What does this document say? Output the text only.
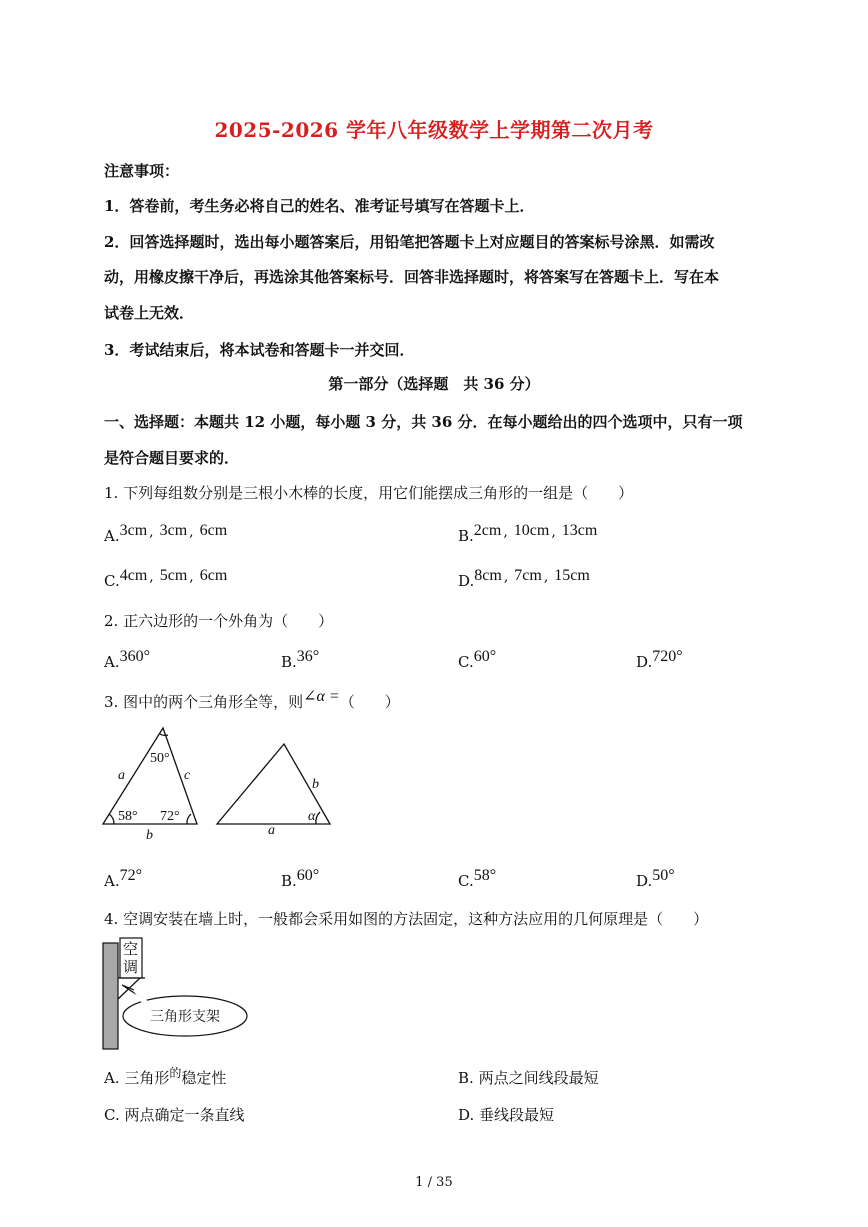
2025-2026 学年八年级数学上学期第二次月考
注意事项：
1．答卷前，考生务必将自己的姓名、准考证号填写在答题卡上．
2．回答选择题时，选出每小题答案后，用铅笔把答题卡上对应题目的答案标号涂黑．如需改
动，用橡皮擦干净后，再选涂其他答案标号．回答非选择题时，将答案写在答题卡上．写在本
试卷上无效．
3．考试结束后，将本试卷和答题卡一并交回．
第一部分（选择题　共 36 分）
一、选择题：本题共 12 小题，每小题 3 分，共 36 分．在每小题给出的四个选项中，只有一项
是符合题目要求的．
1. 下列每组数分别是三根小木棒的长度，用它们能摆成三角形的一组是（　　）
A.3cm , 3cm , 6cm	B.2cm , 10cm , 13cm
C.4cm , 5cm , 6cm	D.8cm , 7cm , 15cm
2. 正六边形的一个外角为（　　）
A.360°	B.36°	C.60°	D.720°
3. 图中的两个三角形全等，则∠α =（　　）
50°
58° 72°
a	c
b	a
b
α
A.72°	B.60°	C.58°	D.50°
4. 空调安装在墙上时，一般都会采用如图的方法固定，这种方法应用的几何原理是（　　）
空
调
三角形支架
A. 三角形$^的$稳定性	B. 两点之间线段最短
C. 两点确定一条直线	D. 垂线段最短
1 / 35
